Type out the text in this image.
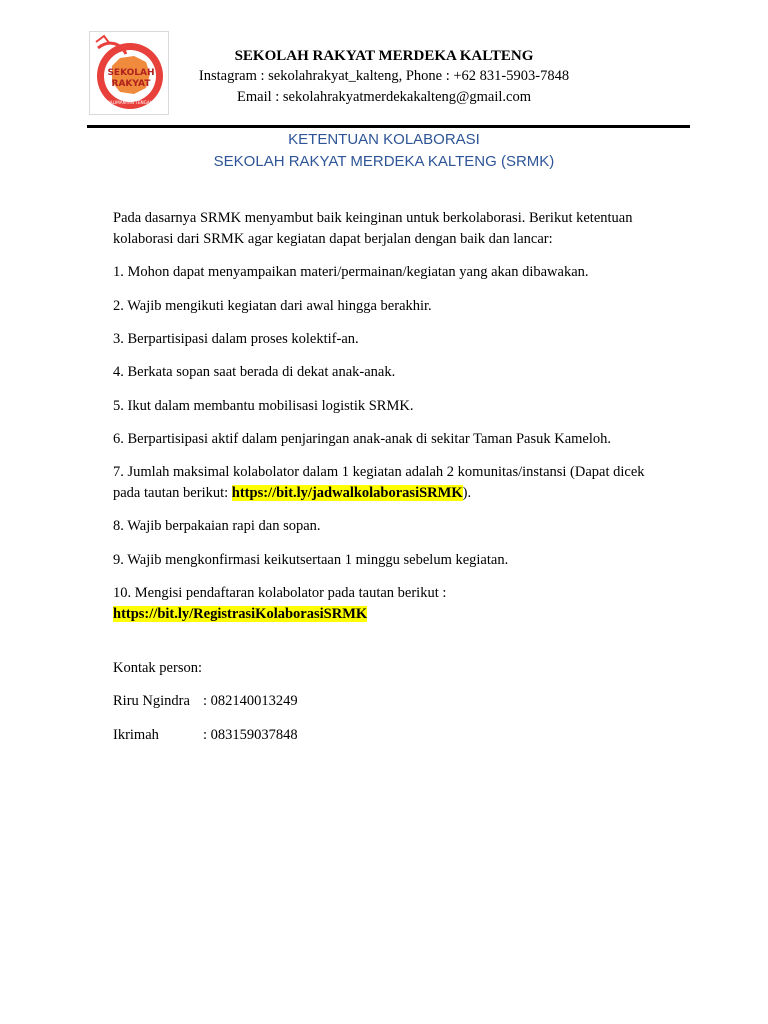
SEKOLAH
RAKYAT
KALIMANTAN TENGAH
SEKOLAH RAKYAT MERDEKA KALTENG
Instagram : sekolahrakyat_kalteng, Phone : +62 831-5903-7848
Email : sekolahrakyatmerdekakalteng@gmail.com
KETENTUAN KOLABORASI
SEKOLAH RAKYAT MERDEKA KALTENG (SRMK)
Pada dasarnya SRMK menyambut baik keinginan untuk berkolaborasi. Berikut ketentuan kolaborasi dari SRMK agar kegiatan dapat berjalan dengan baik dan lancar:
1. Mohon dapat menyampaikan materi/permainan/kegiatan yang akan dibawakan.
2. Wajib mengikuti kegiatan dari awal hingga berakhir.
3. Berpartisipasi dalam proses kolektif-an.
4. Berkata sopan saat berada di dekat anak-anak.
5. Ikut dalam membantu mobilisasi logistik SRMK.
6. Berpartisipasi aktif dalam penjaringan anak-anak di sekitar Taman Pasuk Kameloh.
7. Jumlah maksimal kolabolator dalam 1 kegiatan adalah 2 komunitas/instansi (Dapat dicek pada tautan berikut: https://bit.ly/jadwalkolaborasiSRMK).
8. Wajib berpakaian rapi dan sopan.
9. Wajib mengkonfirmasi keikutsertaan 1 minggu sebelum kegiatan.
10. Mengisi pendaftaran kolabolator pada tautan berikut :
https://bit.ly/RegistrasiKolaborasiSRMK
Kontak person:
Riru Ngindra : 082140013249
Ikrimah	: 083159037848
